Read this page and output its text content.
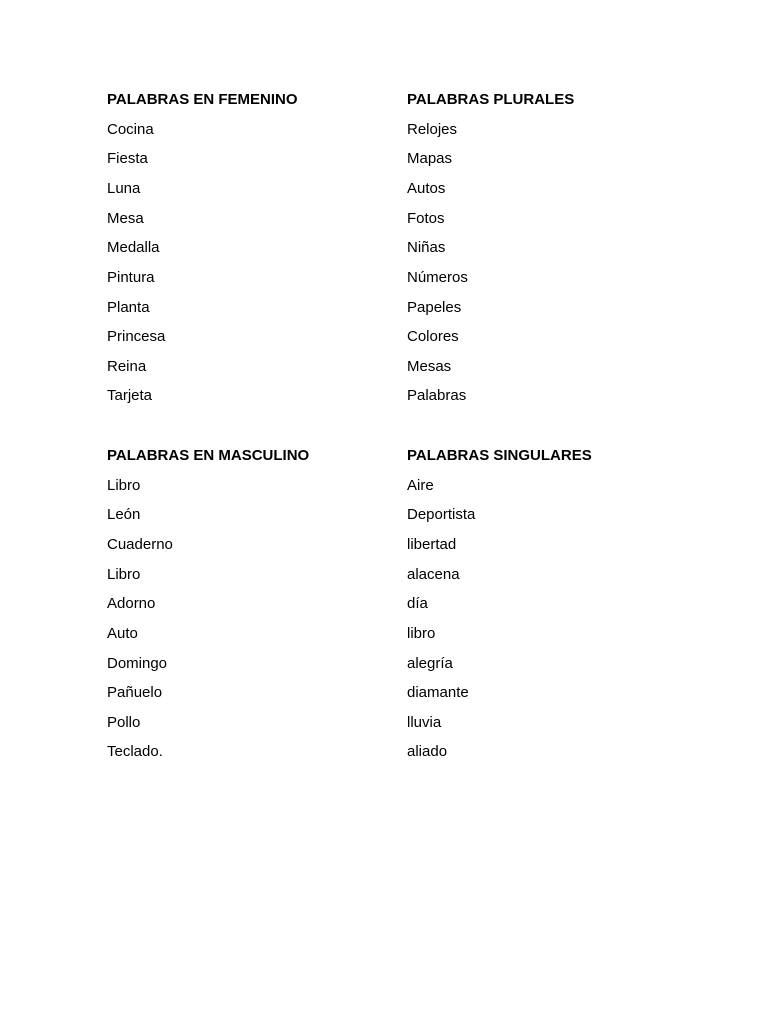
PALABRAS EN FEMENINO
Cocina
Fiesta
Luna
Mesa
Medalla
Pintura
Planta
Princesa
Reina
Tarjeta
PALABRAS PLURALES
Relojes
Mapas
Autos
Fotos
Niñas
Números
Papeles
Colores
Mesas
Palabras
PALABRAS EN MASCULINO
Libro
León
Cuaderno
Libro
Adorno
Auto
Domingo
Pañuelo
Pollo
Teclado.
PALABRAS SINGULARES
Aire
Deportista
libertad
alacena
día
libro
alegría
diamante
lluvia
aliado
